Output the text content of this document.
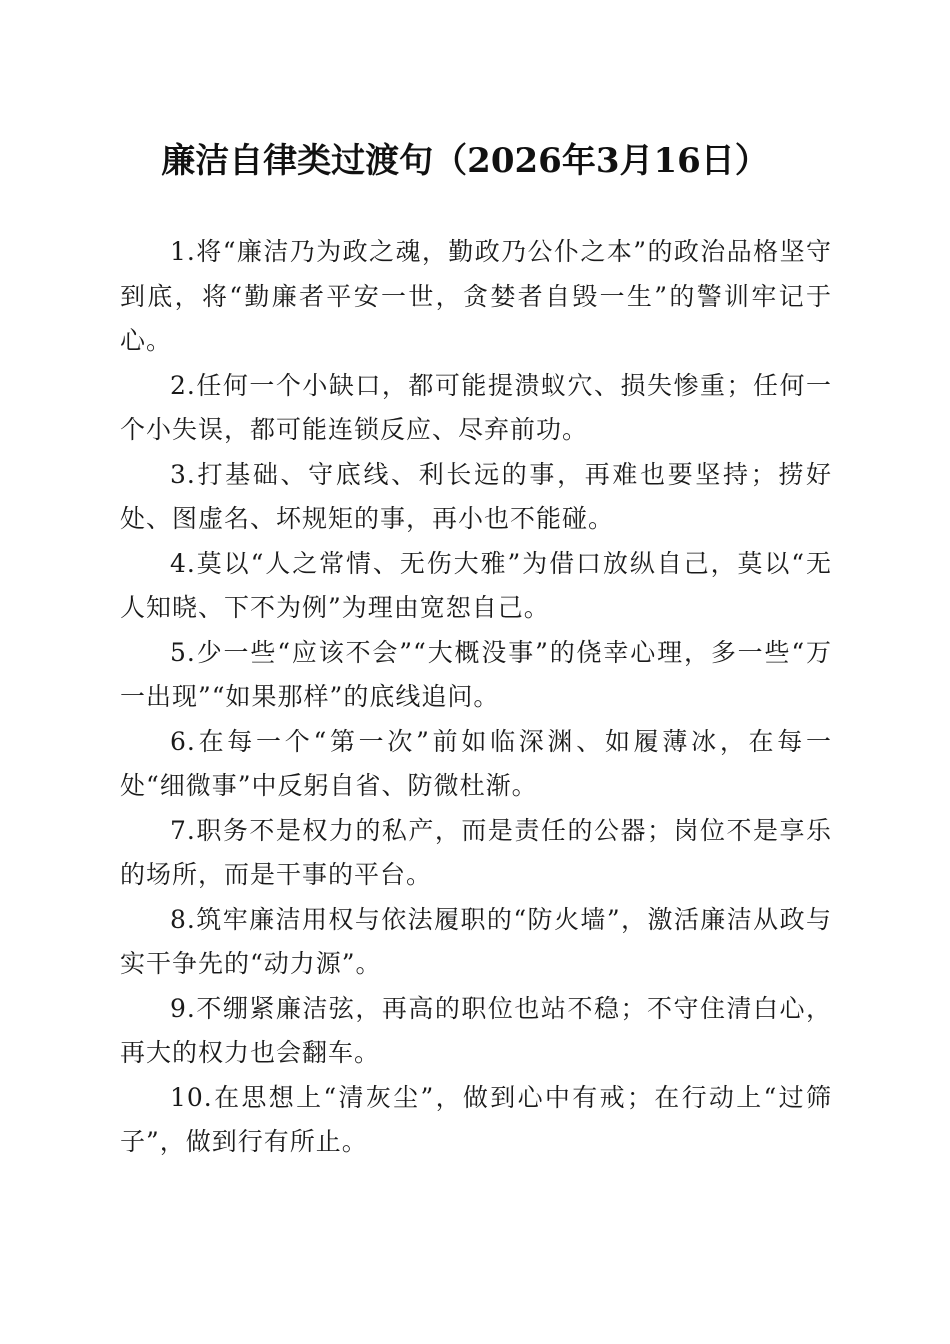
廉洁自律类过渡句（2026年3月16日）

1.将“廉洁乃为政之魂，勤政乃公仆之本”的政治品格坚守到底，将“勤廉者平安一世，贪婪者自毁一生”的警训牢记于心。

2.任何一个小缺口，都可能提溃蚁穴、损失惨重；任何一个小失误，都可能连锁反应、尽弃前功。

3.打基础、守底线、利长远的事，再难也要坚持；捞好处、图虚名、坏规矩的事，再小也不能碰。

4.莫以“人之常情、无伤大雅”为借口放纵自己，莫以“无人知晓、下不为例”为理由宽恕自己。

5.少一些“应该不会”“大概没事”的侥幸心理，多一些“万一出现”“如果那样”的底线追问。

6.在每一个“第一次”前如临深渊、如履薄冰，在每一处“细微事”中反躬自省、防微杜渐。

7.职务不是权力的私产，而是责任的公器；岗位不是享乐的场所，而是干事的平台。

8.筑牢廉洁用权与依法履职的“防火墙”，激活廉洁从政与实干争先的“动力源”。

9.不绷紧廉洁弦，再高的职位也站不稳；不守住清白心，再大的权力也会翻车。

10.在思想上“清灰尘”，做到心中有戒；在行动上“过筛子”，做到行有所止。
